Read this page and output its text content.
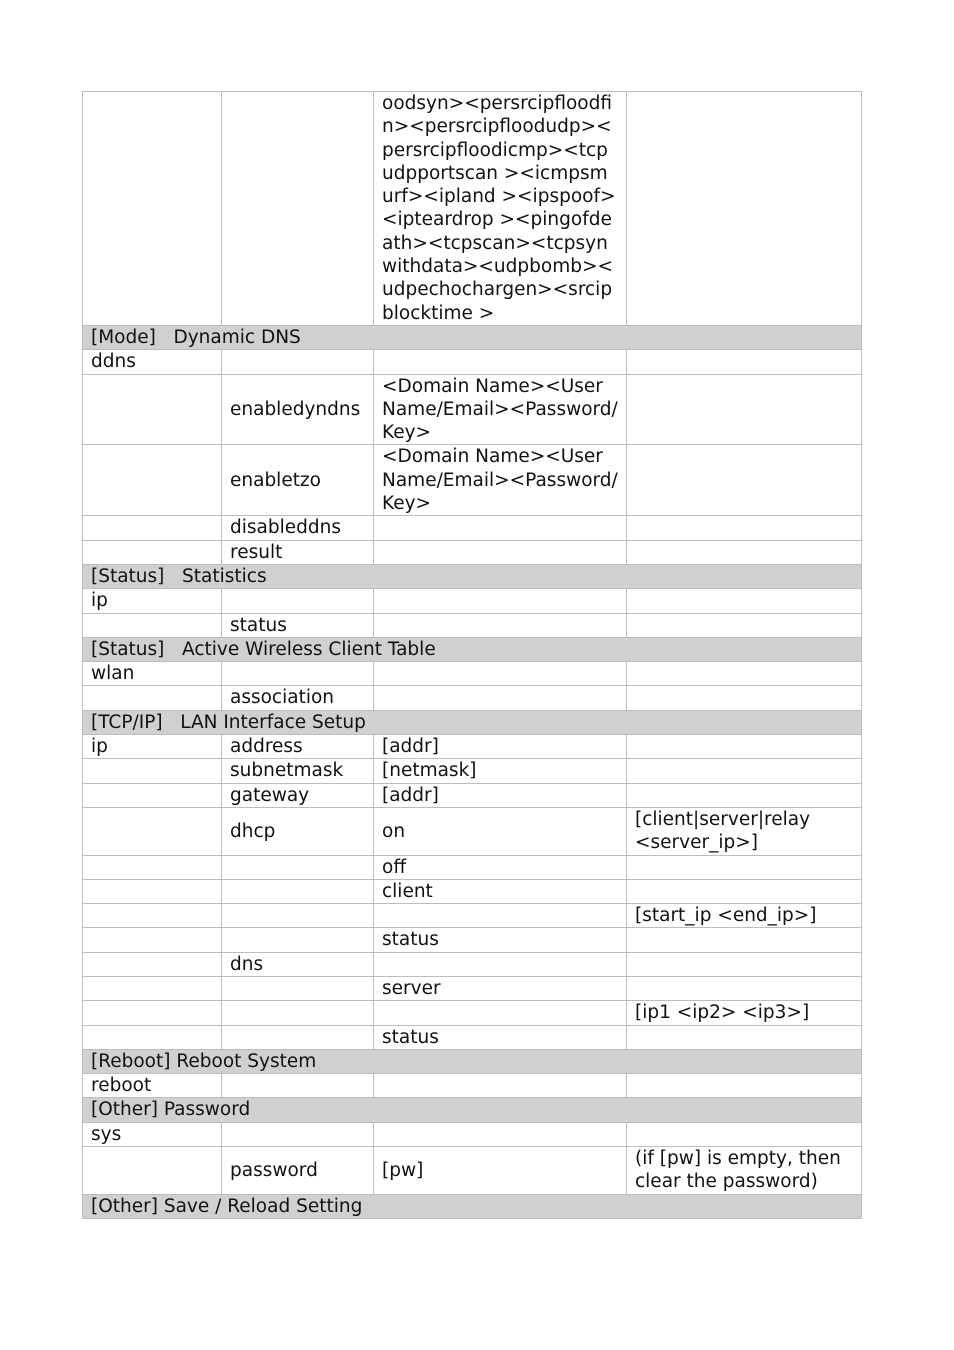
		oodsyn><persrcipfloodfin><persrcipfloodudp><persrcipfloodicmp><tcpudpportscan ><icmpsmurf><ipland ><ipspoof><ipteardrop ><pingofdeath><tcpscan><tcpsynwithdata><udpbomb><udpechochargen><srcipblocktime >	
[Mode]   Dynamic DNS			
ddns			
	enabledyndns	<Domain Name><User Name/Email><Password/Key>	
	enabletzo	<Domain Name><User Name/Email><Password/Key>	
	disableddns		
	result		
[Status]   Statistics			
ip			
	status		
[Status]   Active Wireless Client Table			
wlan			
	association		
[TCP/IP]   LAN Interface Setup			
ip	address	[addr]	
	subnetmask	[netmask]	
	gateway	[addr]	
	dhcp	on	[client|server|relay <server_ip>]
		off	
		client	
			[start_ip <end_ip>]
		status	
	dns		
		server	
			[ip1 <ip2> <ip3>]
		status	
[Reboot] Reboot System			
reboot			
[Other] Password			
sys			
	password	[pw]	(if [pw] is empty, then clear the password)
[Other] Save / Reload Setting			
